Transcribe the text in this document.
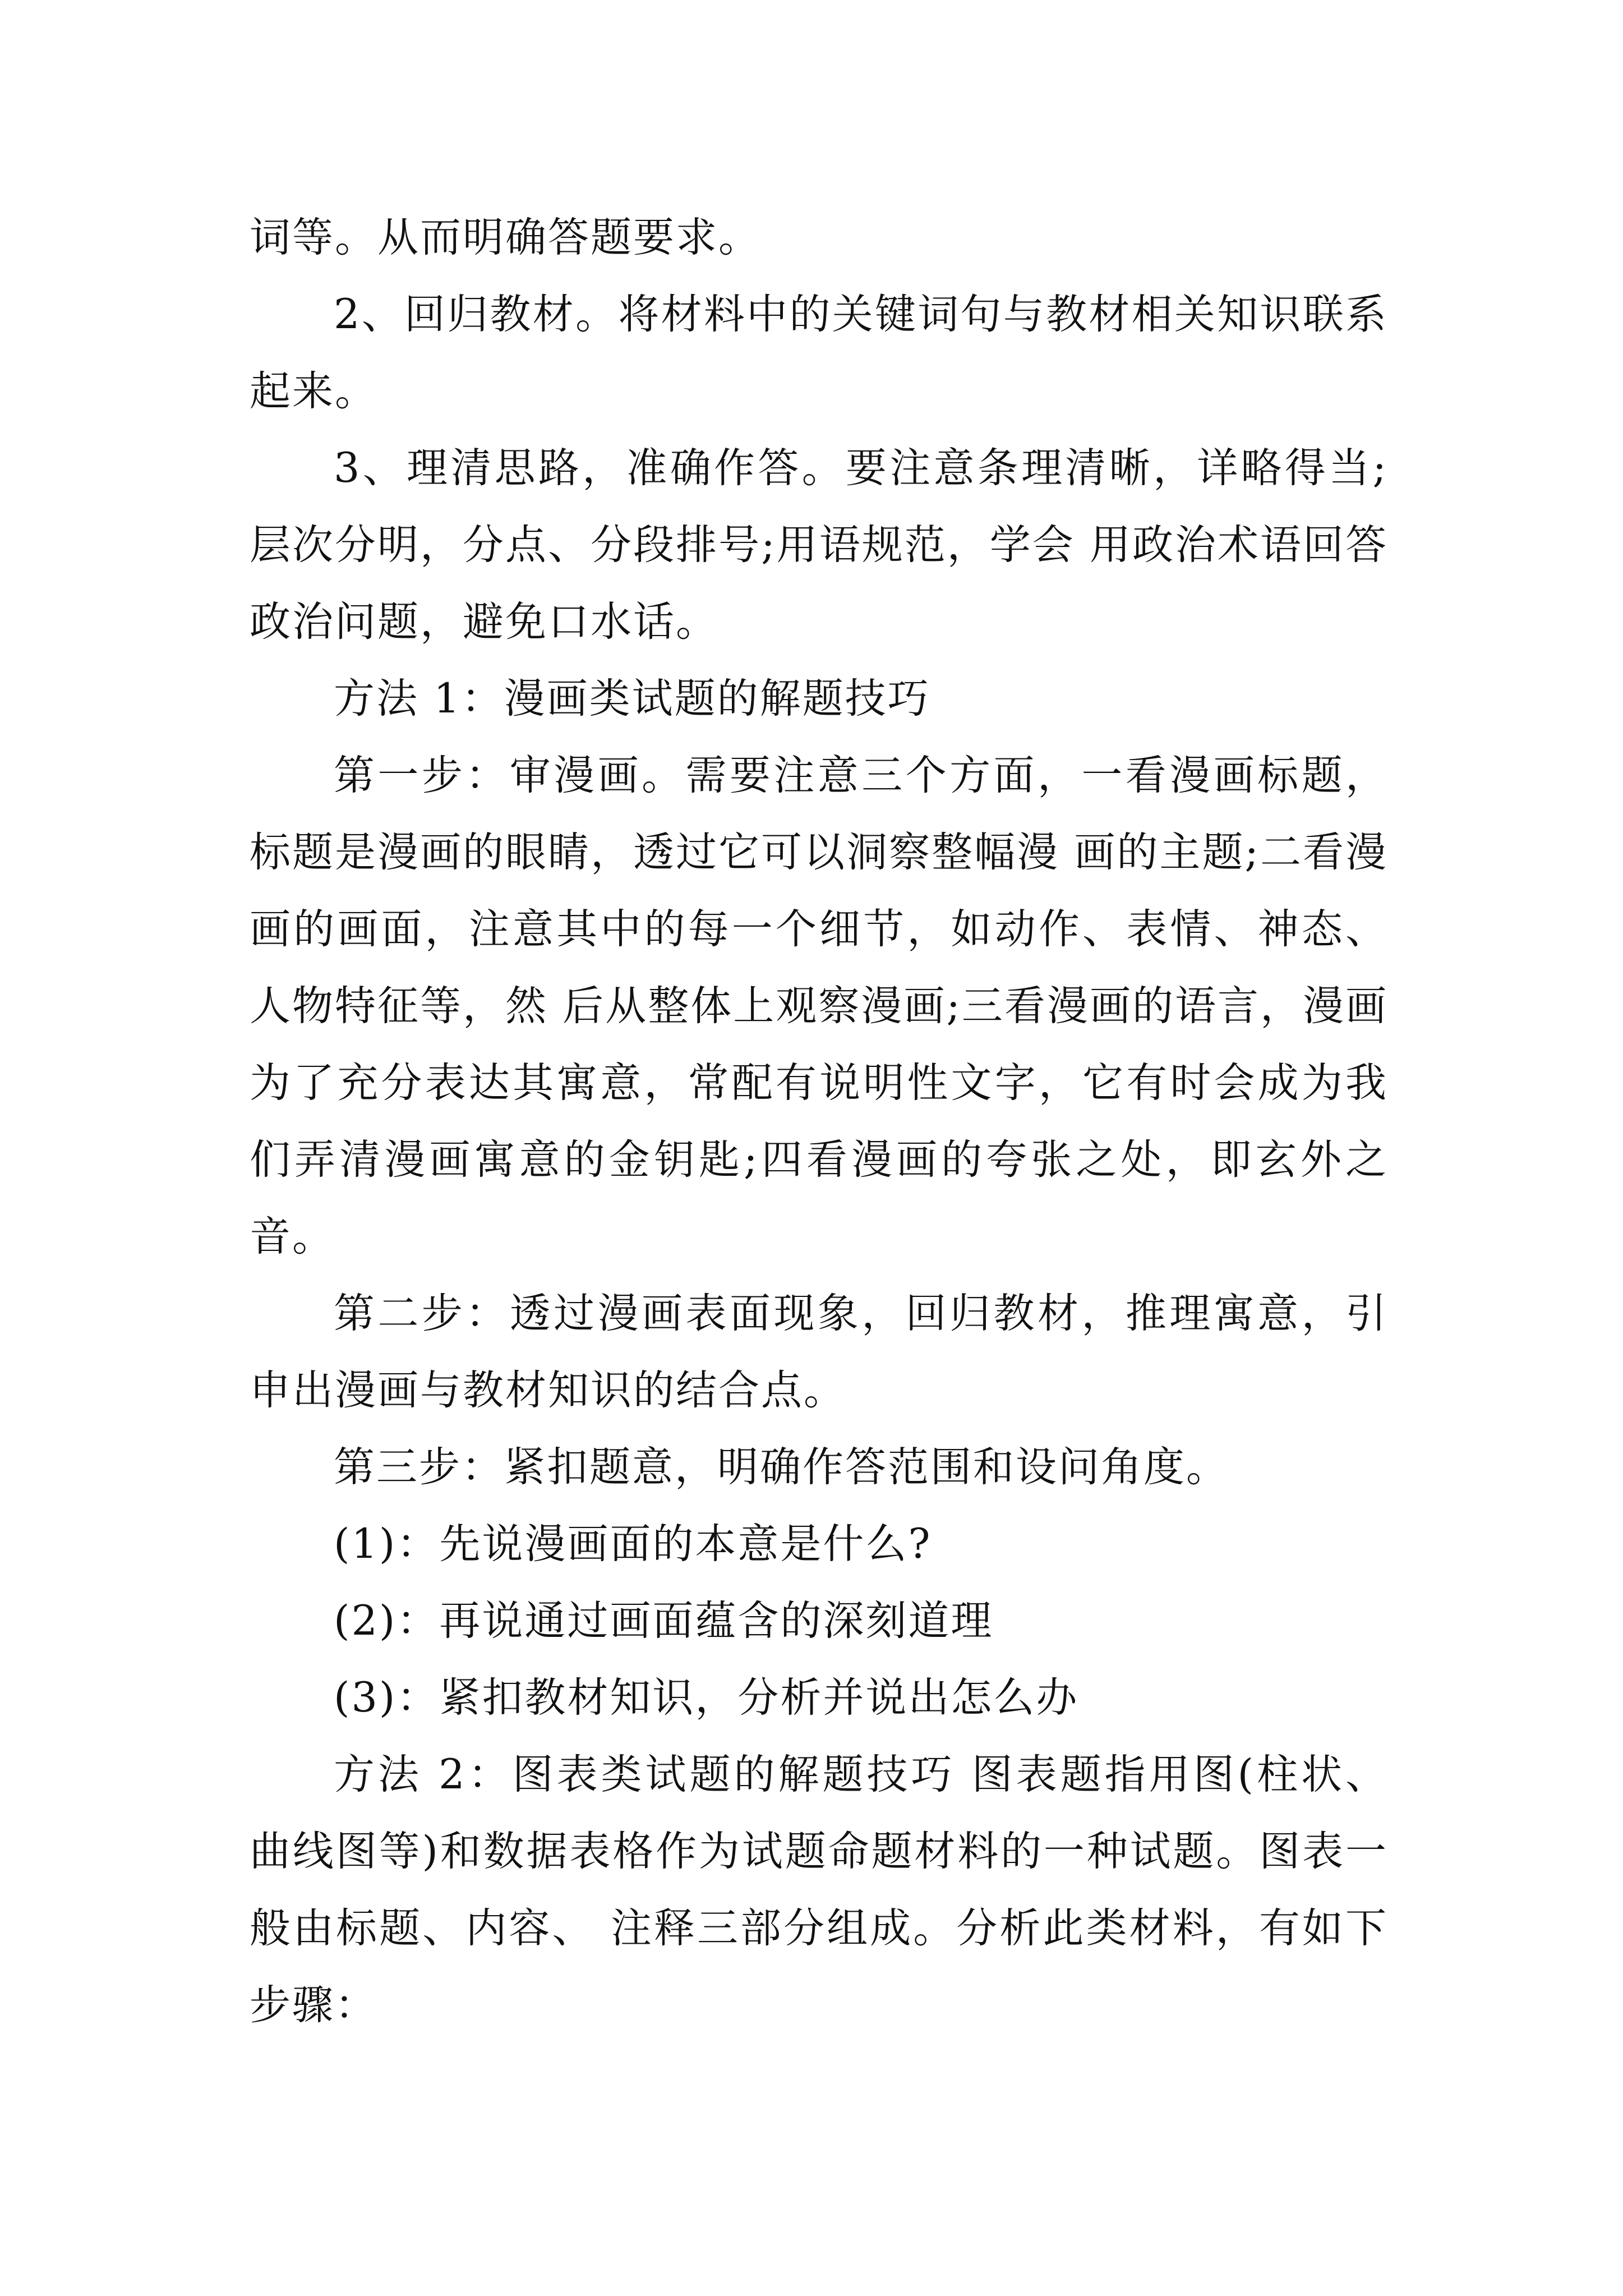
词等。从而明确答题要求。

2、回归教材。将材料中的关键词句与教材相关知识联系起来。

3、理清思路，准确作答。要注意条理清晰，详略得当;层次分明，分点、分段排号;用语规范，学会 用政治术语回答政治问题，避免口水话。

方法 1：漫画类试题的解题技巧

第一步：审漫画。需要注意三个方面，一看漫画标题，标题是漫画的眼睛，透过它可以洞察整幅漫 画的主题;二看漫画的画面，注意其中的每一个细节，如动作、表情、神态、人物特征等，然 后从整体上观察漫画;三看漫画的语言，漫画为了充分表达其寓意，常配有说明性文字，它有时会成为我们弄清漫画寓意的金钥匙;四看漫画的夸张之处，即玄外之音。

第二步：透过漫画表面现象，回归教材，推理寓意，引申出漫画与教材知识的结合点。

第三步：紧扣题意，明确作答范围和设问角度。

(1)：先说漫画面的本意是什么?

(2)：再说通过画面蕴含的深刻道理

(3)：紧扣教材知识，分析并说出怎么办

方法 2：图表类试题的解题技巧 图表题指用图(柱状、曲线图等)和数据表格作为试题命题材料的一种试题。图表一般由标题、内容、 注释三部分组成。分析此类材料，有如下步骤：
